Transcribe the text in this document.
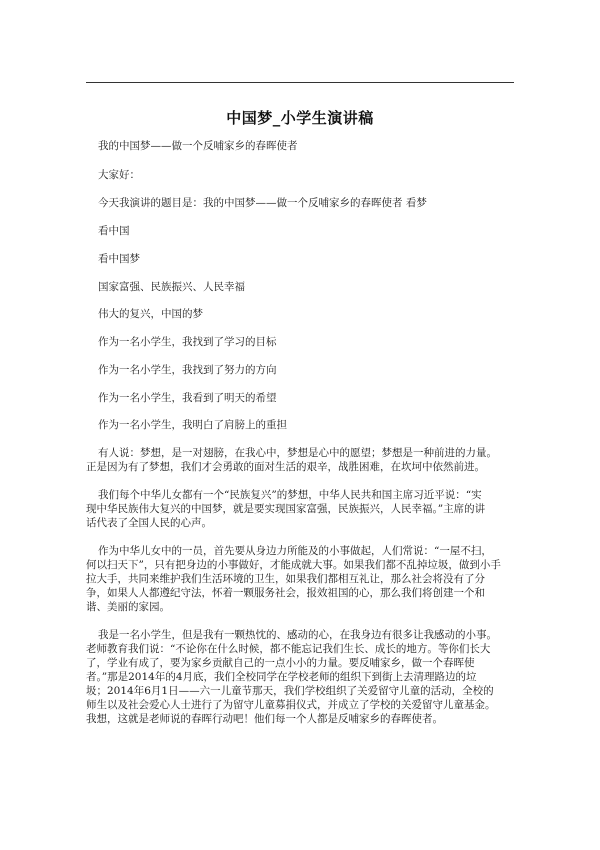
中国梦_小学生演讲稿
我的中国梦——做一个反哺家乡的春晖使者
大家好：
今天我演讲的题目是：我的中国梦——做一个反哺家乡的春晖使者 看梦
看中国
看中国梦
国家富强、民族振兴、人民幸福
伟大的复兴，中国的梦
作为一名小学生，我找到了学习的目标
作为一名小学生，我找到了努力的方向
作为一名小学生，我看到了明天的希望
作为一名小学生，我明白了肩膀上的重担
有人说：梦想，是一对翅膀，在我心中，梦想是心中的愿望；梦想是一种前进的力量。
正是因为有了梦想，我们才会勇敢的面对生活的艰辛，战胜困难，在坎坷中依然前进。
我们每个中华儿女都有一个“民族复兴”的梦想，中华人民共和国主席习近平说：“实
现中华民族伟大复兴的中国梦，就是要实现国家富强，民族振兴，人民幸福。”主席的讲
话代表了全国人民的心声。
作为中华儿女中的一员，首先要从身边力所能及的小事做起，人们常说：“一屋不扫，
何以扫天下”，只有把身边的小事做好，才能成就大事。如果我们都不乱掉垃圾，做到小手
拉大手，共同来维护我们生活环境的卫生，如果我们都相互礼让，那么社会将没有了分
争，如果人人都遵纪守法，怀着一颗服务社会，报效祖国的心，那么我们将创建一个和
谐、美丽的家园。
我是一名小学生，但是我有一颗热忱的、感动的心，在我身边有很多让我感动的小事。
老师教育我们说：“不论你在什么时候，都不能忘记我们生长、成长的地方。等你们长大
了，学业有成了，要为家乡贡献自己的一点小小的力量。要反哺家乡，做一个春晖使
者。”那是2014年的4月底，我们全校同学在学校老师的组织下到街上去清理路边的垃
圾；2014年6月1日——六一儿童节那天，我们学校组织了关爱留守儿童的活动，全校的
师生以及社会爱心人士进行了为留守儿童募捐仪式，并成立了学校的关爱留守儿童基金。
我想，这就是老师说的春晖行动吧！他们每一个人都是反哺家乡的春晖使者。
